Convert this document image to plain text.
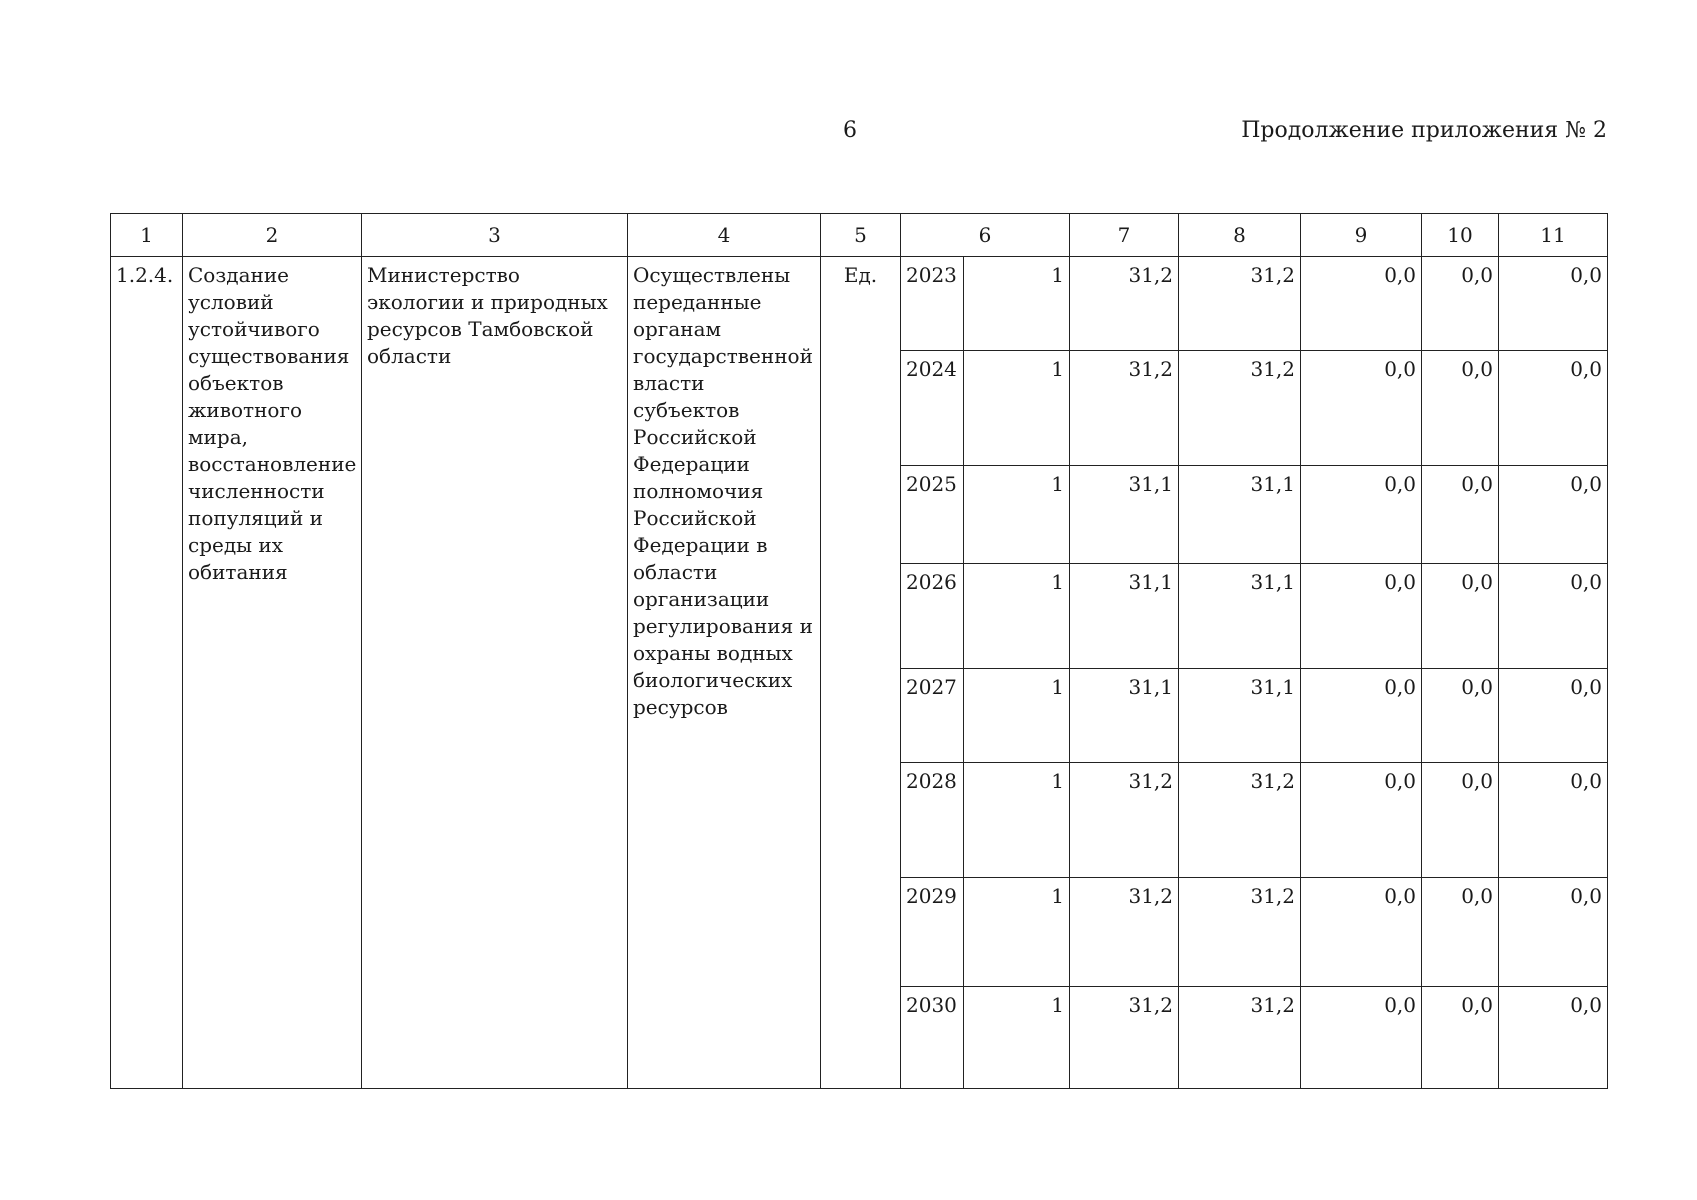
6	Продолжение приложения № 2
1	2	3	4	5	6		7	8	9	10	11
1.2.4.	Создание условий устойчивого существования объектов животного мира, восстановление численности популяций и среды их обитания	Министерство экологии и природных ресурсов Тамбовской области	Осуществлены переданные органам государственной власти субъектов Российской Федерации полномочия Российской Федерации в области организации регулирования и охраны водных биологических ресурсов	Ед.	2023	1	31,2	31,2	0,0	0,0	0,0
					2024	1	31,2	31,2	0,0	0,0	0,0
					2025	1	31,1	31,1	0,0	0,0	0,0
					2026	1	31,1	31,1	0,0	0,0	0,0
					2027	1	31,1	31,1	0,0	0,0	0,0
					2028	1	31,2	31,2	0,0	0,0	0,0
					2029	1	31,2	31,2	0,0	0,0	0,0
					2030	1	31,2	31,2	0,0	0,0	0,0
